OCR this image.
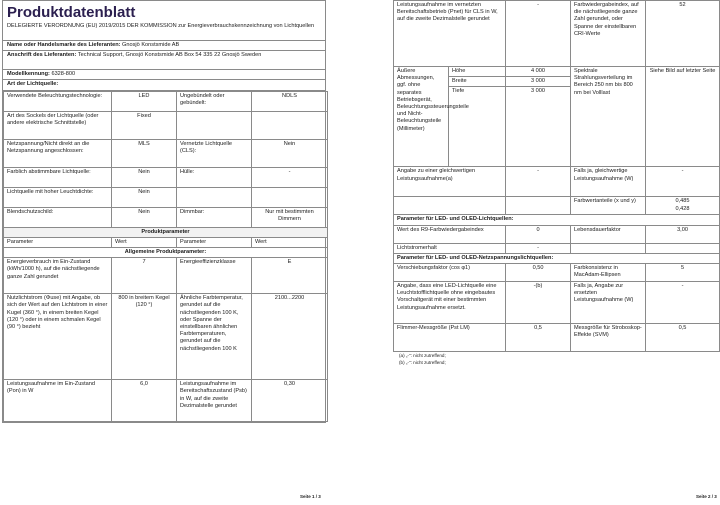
Produktdatenblatt
DELEGIERTE VERORDNUNG (EU) 2019/2015 DER KOMMISSION zur Energieverbrauchskennzeichnung von Lichtquellen
Name oder Handelsmarke des Lieferanten: Gnosjö Konstsmide AB
Anschrift des Lieferanten: Technical Support, Gnosjö Konstsmide AB Box 54 335 22 Gnosjö Sweden
Modellkennung: 6328-800
Art der Lichtquelle:
Verwendete Beleuchtungstechnologie:	LED	Ungebündelt oder gebündelt:	NDLS
Art des Sockels der Lichtquelle (oder andere elektrische Schnittstelle)	Fixed		
Netzspannung/Nicht direkt an die Netzspannung angeschlossen:	MLS	Vernetzte Lichtquelle (CLS):	Nein
Farblich abstimmbare Lichtquelle:	Nein	Hülle:	-
Lichtquelle mit hoher Leuchtdichte:	Nein		
Blendschutzschild:	Nein	Dimmbar:	Nur mit bestimmten Dimmern
Produktparameter			
Parameter	Wert	Parameter	Wert
Allgemeine Produktparameter:			
Energieverbrauch im Ein-Zustand (kWh/1000 h), auf die nächstliegende ganze Zahl gerundet	7	Energieeffizienzklasse	E
Nutzlichtstrom (Φuse) mit Angabe, ob sich der Wert auf den Lichtstrom in einer Kugel (360 °), in einem breiten Kegel (120 °) oder in einem schmalen Kegel (90 °) bezieht	800 in breitem Kegel (120 °)	Ähnliche Farbtemperatur, gerundet auf die nächstliegenden 100 K, oder Spanne der einstellbaren ähnlichen Farbtemperaturen, gerundet auf die nächstliegenden 100 K	2100...2200
Leistungsaufnahme im Ein-Zustand (Pon) in W	6,0	Leistungsaufnahme im Bereitschaftszustand (Psb) in W, auf die zweite Dezimalstelle gerundet	0,30
Seite 1 / 3
Leistungsaufnahme im vernetzten Bereitschaftsbetrieb (Pnet) für CLS in W, auf die zweite Dezimalstelle gerundet		-	Farbwiedergabeindex, auf die nächstliegende ganze Zahl gerundet, oder Spanne der einstellbaren CRI-Werte	52
Äußere Abmessungen, ggf. ohne separates Betriebsgerät, Beleuchtungssteuerungsteile und Nicht-Beleuchtungsteile (Millimeter)	Höhe	4 000	Spektrale Strahlungsverteilung im Bereich 250 nm bis 800 nm bei Volllast	Siehe Bild auf letzter Seite
	Breite	3 000		
	Tiefe	3 000		
Angabe zu einer gleichwertigen Leistungsaufnahme(a)		-	Falls ja, gleichwertige Leistungsaufnahme (W)	-
			Farbwertanteile (x und y)	0,485
0,428

Parameter für LED- und OLED-Lichtquellen:				
Wert des R9-Farbwiedergabeindex		0	Lebensdauerfaktor	3,00
Lichtstromerhalt		-		
Parameter für LED- und OLED-Netzspannungslichtquellen:				
Verschiebungsfaktor (cos φ1)		0,50	Farbkonsistenz in MacAdam-Ellipsen	5
Angabe, dass eine LED-Lichtquelle eine Leuchtstofflichtquelle ohne eingebautes Vorschaltgerät mit einer bestimmten Leistungsaufnahme ersetzt.		-(b)	Falls ja, Angabe zur ersetzten Leistungsaufnahme (W)	-
Flimmer-Messgröße (Pst LM)		0,5	Messgröße für Stroboskop-Effekte (SVM)	0,5
(a) „-": nicht zutreffend;
(b) „-": nicht zutreffend;
Seite 2 / 3
